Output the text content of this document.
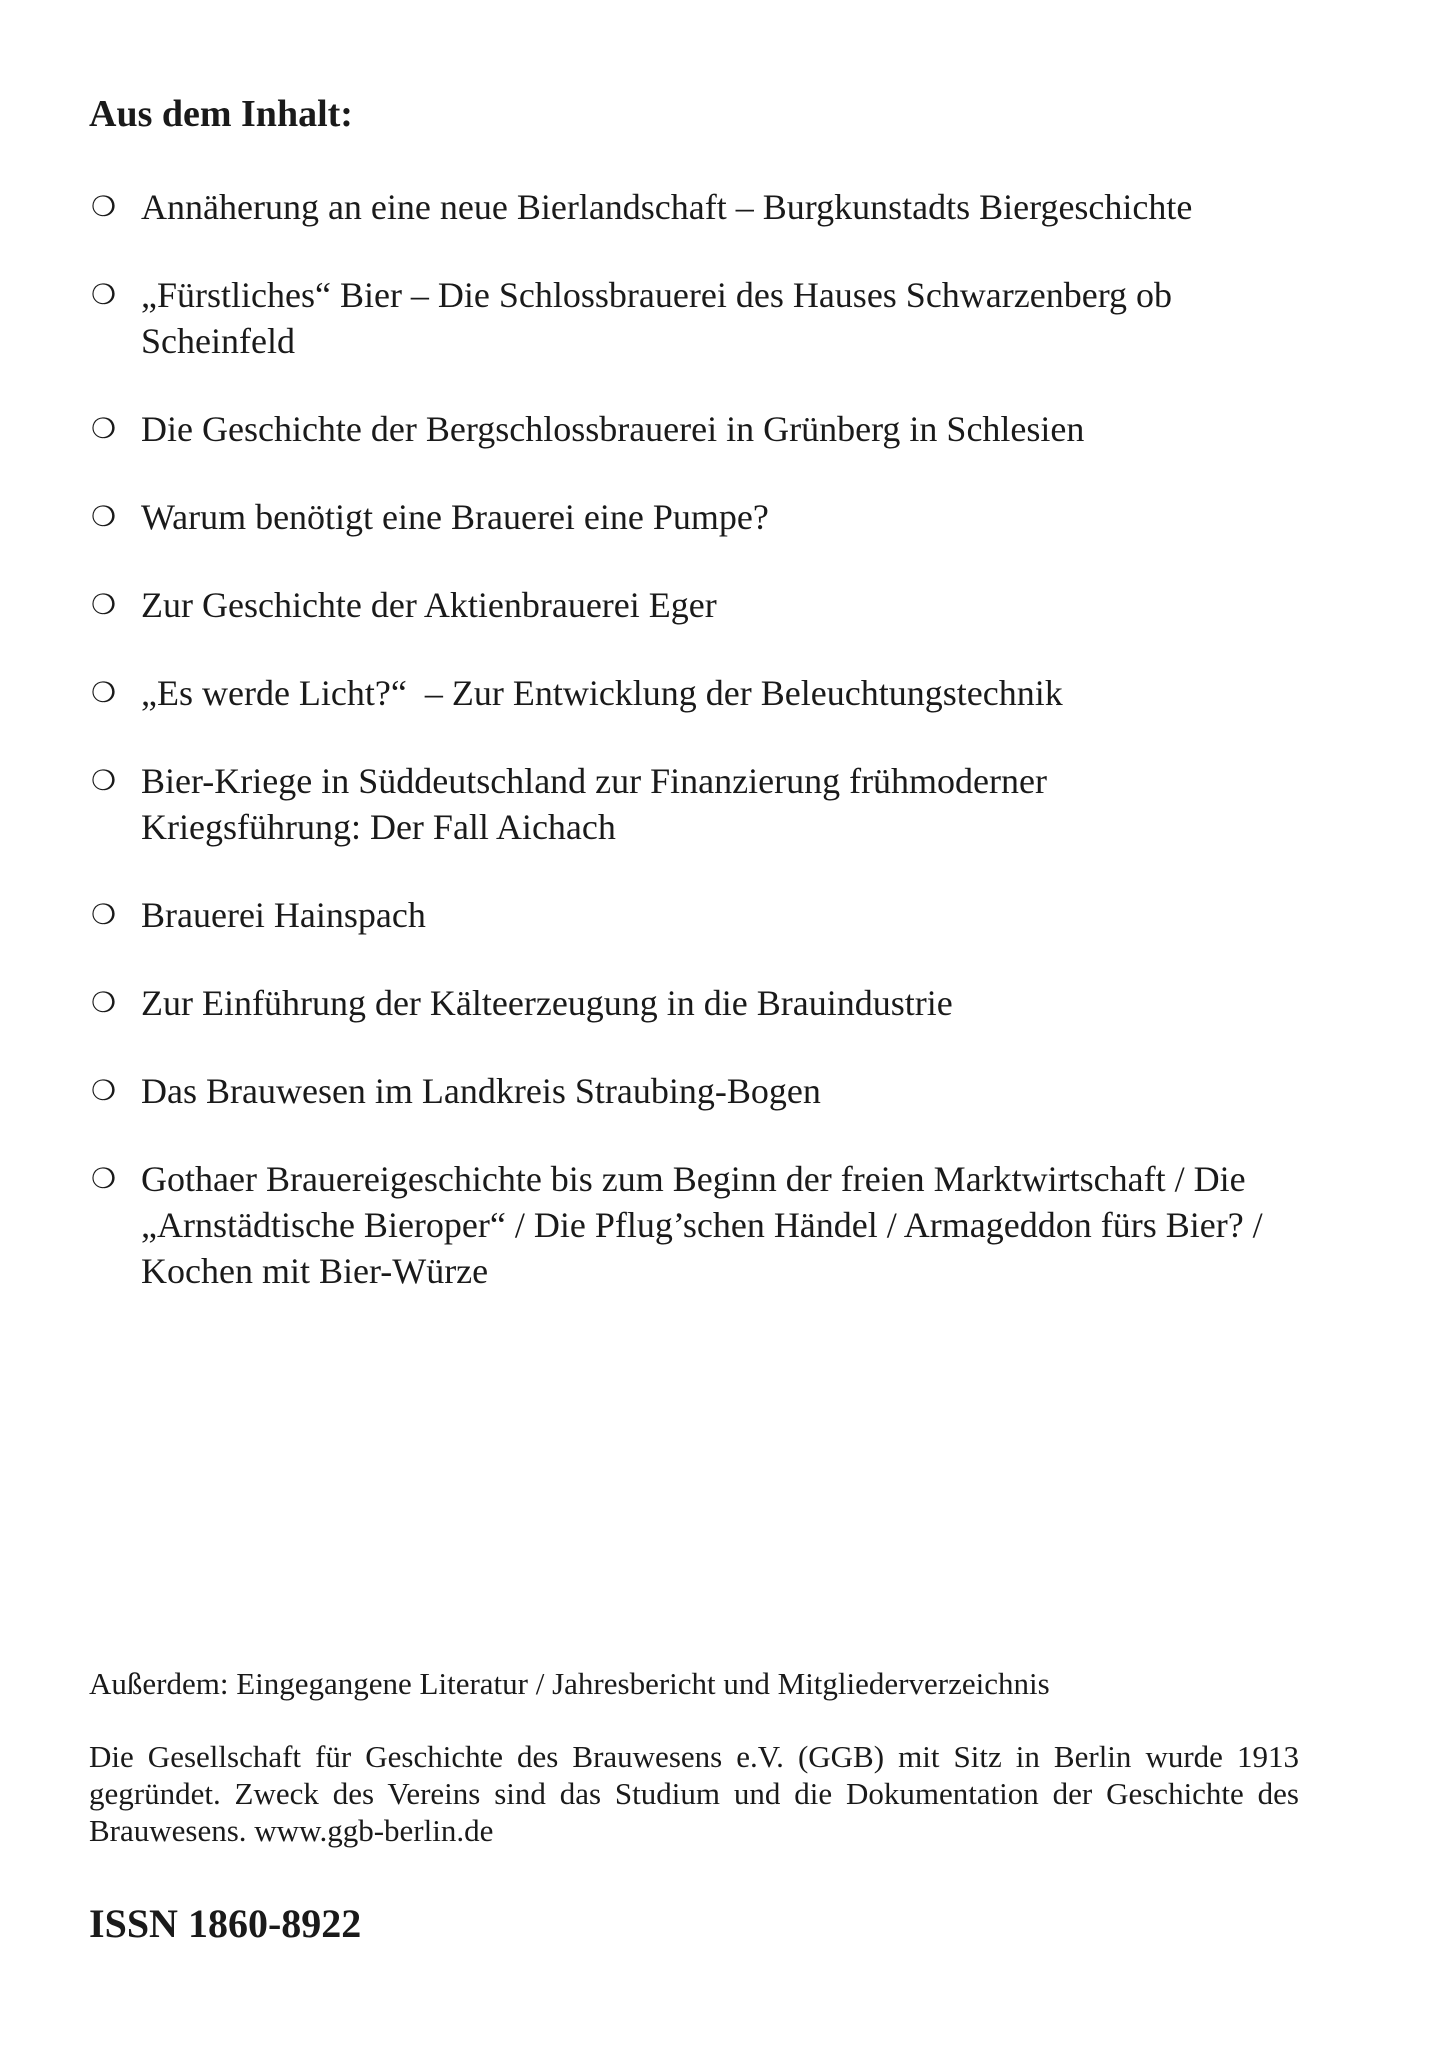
Aus dem Inhalt:
❍ Annäherung an eine neue Bierlandschaft – Burgkunstadts Biergeschichte
❍ „Fürstliches“ Bier – Die Schlossbrauerei des Hauses Schwarzenberg ob Scheinfeld
❍ Die Geschichte der Bergschlossbrauerei in Grünberg in Schlesien
❍ Warum benötigt eine Brauerei eine Pumpe?
❍ Zur Geschichte der Aktienbrauerei Eger
❍ „Es werde Licht?“  – Zur Entwicklung der Beleuchtungstechnik
❍ Bier-Kriege in Süddeutschland zur Finanzierung frühmoderner Kriegsführung: Der Fall Aichach
❍ Brauerei Hainspach
❍ Zur Einführung der Kälteerzeugung in die Brauindustrie
❍ Das Brauwesen im Landkreis Straubing-Bogen
❍ Gothaer Brauereigeschichte bis zum Beginn der freien Marktwirtschaft / Die „Arnstädtische Bieroper“ / Die Pflug’schen Händel / Armageddon fürs Bier? / Kochen mit Bier-Würze

Außerdem: Eingegangene Literatur / Jahresbericht und Mitgliederverzeichnis

Die Gesellschaft für Geschichte des Brauwesens e.V. (GGB) mit Sitz in Berlin wurde 1913 gegründet. Zweck des Vereins sind das Studium und die Dokumentation der Geschichte des Brauwesens. www.ggb-berlin.de

ISSN 1860-8922
